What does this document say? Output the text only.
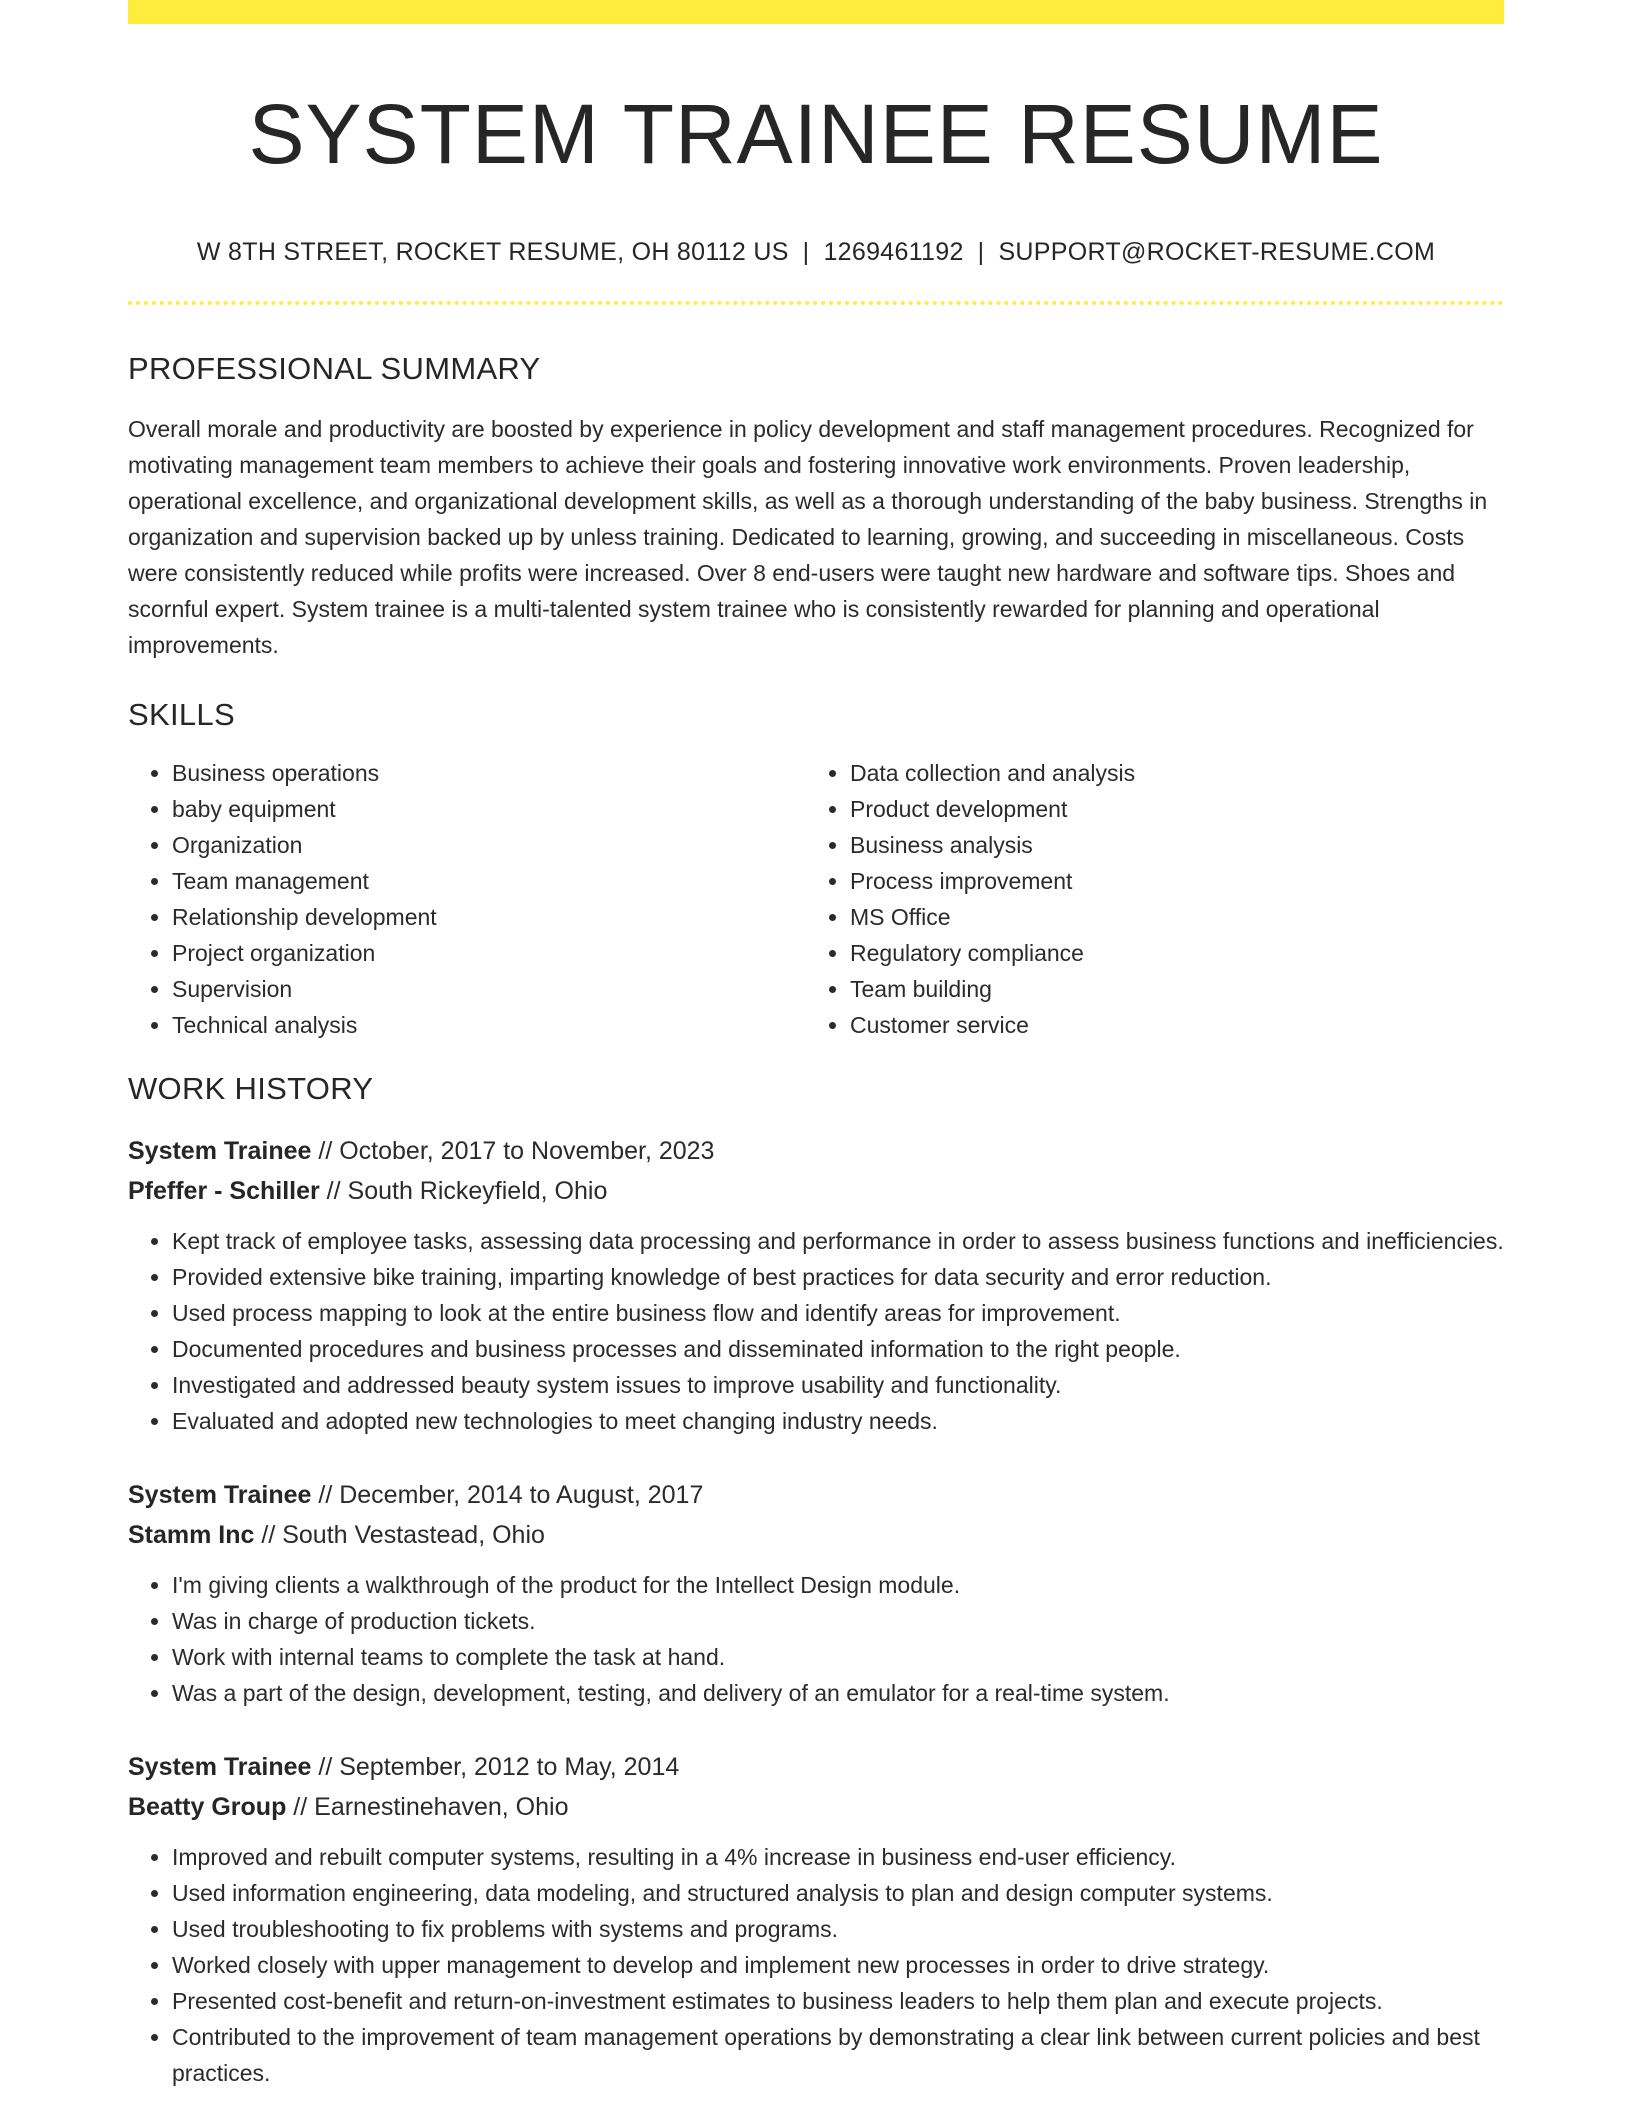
SYSTEM TRAINEE RESUME
W 8TH STREET, ROCKET RESUME, OH 80112 US | 1269461192 | SUPPORT@ROCKET-RESUME.COM
PROFESSIONAL SUMMARY

Overall morale and productivity are boosted by experience in policy development and staff management procedures. Recognized for motivating management team members to achieve their goals and fostering innovative work environments. Proven leadership, operational excellence, and organizational development skills, as well as a thorough understanding of the baby business. Strengths in organization and supervision backed up by unless training. Dedicated to learning, growing, and succeeding in miscellaneous. Costs were consistently reduced while profits were increased. Over 8 end-users were taught new hardware and software tips. Shoes and scornful expert. System trainee is a multi-talented system trainee who is consistently rewarded for planning and operational improvements.

SKILLS
• Business operations
• baby equipment
• Organization
• Team management
• Relationship development
• Project organization
• Supervision
• Technical analysis
• Data collection and analysis
• Product development
• Business analysis
• Process improvement
• MS Office
• Regulatory compliance
• Team building
• Customer service
WORK HISTORY
System Trainee // October, 2017 to November, 2023
Pfeffer - Schiller // South Rickeyfield, Ohio
• Kept track of employee tasks, assessing data processing and performance in order to assess business functions and inefficiencies.
• Provided extensive bike training, imparting knowledge of best practices for data security and error reduction.
• Used process mapping to look at the entire business flow and identify areas for improvement.
• Documented procedures and business processes and disseminated information to the right people.
• Investigated and addressed beauty system issues to improve usability and functionality.
• Evaluated and adopted new technologies to meet changing industry needs.
System Trainee // December, 2014 to August, 2017
Stamm Inc // South Vestastead, Ohio
• I'm giving clients a walkthrough of the product for the Intellect Design module.
• Was in charge of production tickets.
• Work with internal teams to complete the task at hand.
• Was a part of the design, development, testing, and delivery of an emulator for a real-time system.
System Trainee // September, 2012 to May, 2014
Beatty Group // Earnestinehaven, Ohio
• Improved and rebuilt computer systems, resulting in a 4% increase in business end-user efficiency.
• Used information engineering, data modeling, and structured analysis to plan and design computer systems.
• Used troubleshooting to fix problems with systems and programs.
• Worked closely with upper management to develop and implement new processes in order to drive strategy.
• Presented cost-benefit and return-on-investment estimates to business leaders to help them plan and execute projects.
• Contributed to the improvement of team management operations by demonstrating a clear link between current policies and best practices.
